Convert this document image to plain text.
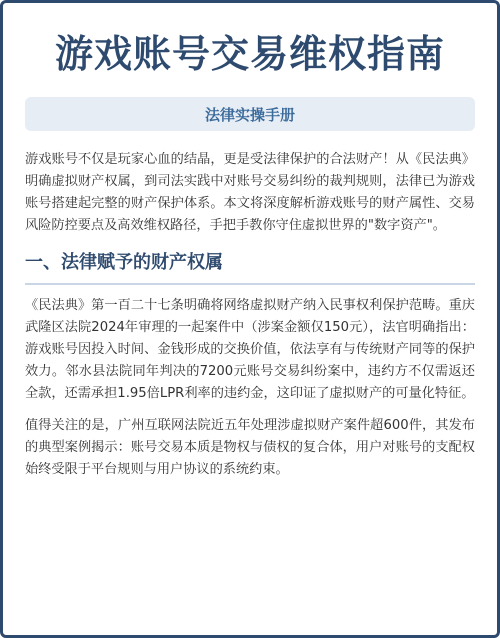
游戏账号交易维权指南
法律实操手册
游戏账号不仅是玩家心血的结晶，更是受法律保护的合法财产！从《民法典》明确虚拟财产权属，到司法实践中对账号交易纠纷的裁判规则，法律已为游戏账号搭建起完整的财产保护体系。本文将深度解析游戏账号的财产属性、交易风险防控要点及高效维权路径，手把手教你守住虚拟世界的"数字资产"。
一、法律赋予的财产权属
《民法典》第一百二十七条明确将网络虚拟财产纳入民事权利保护范畴。重庆武隆区法院2024年审理的一起案件中（涉案金额仅150元），法官明确指出：游戏账号因投入时间、金钱形成的交换价值，依法享有与传统财产同等的保护效力。邻水县法院同年判决的7200元账号交易纠纷案中，违约方不仅需返还全款，还需承担1.95倍LPR利率的违约金，这印证了虚拟财产的可量化特征。
值得关注的是，广州互联网法院近五年处理涉虚拟财产案件超600件，其发布的典型案例揭示：账号交易本质是物权与债权的复合体，用户对账号的支配权始终受限于平台规则与用户协议的系统约束。
